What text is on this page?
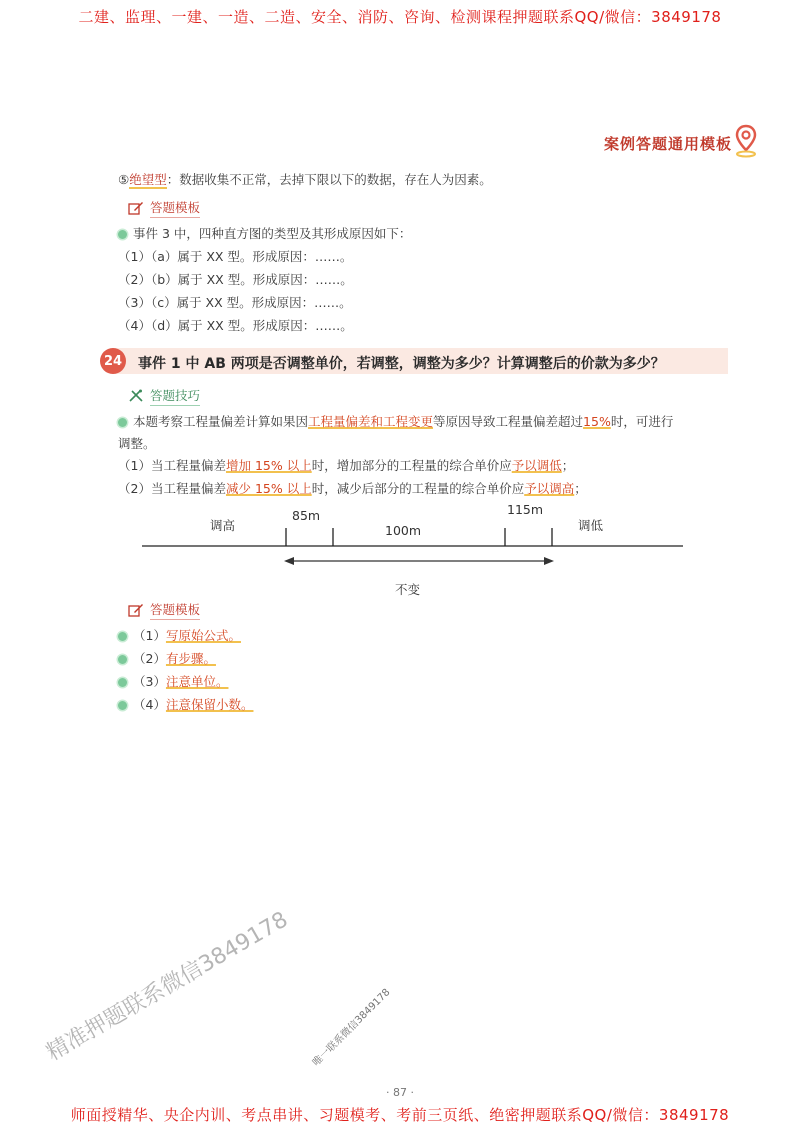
二建、监理、一建、一造、二造、安全、消防、咨询、检测课程押题联系QQ/微信：3849178
案例答题通用模板
⑤绝望型：数据收集不正常，去掉下限以下的数据，存在人为因素。
答题模板
事件 3 中，四种直方图的类型及其形成原因如下：
（1）（a）属于 XX 型。形成原因：……。
（2）（b）属于 XX 型。形成原因：……。
（3）（c）属于 XX 型。形成原因：……。
（4）（d）属于 XX 型。形成原因：……。
24 事件 1 中 AB 两项是否调整单价，若调整，调整为多少？计算调整后的价款为多少？
答题技巧
本题考察工程量偏差计算如果因工程量偏差和工程变更等原因导致工程量偏差超过15%时，可进行
调整。
（1）当工程量偏差增加 15% 以上时，增加部分的工程量的综合单价应予以调低；
（2）当工程量偏差减少 15% 以上时，减少后部分的工程量的综合单价应予以调高；
调高
85m
100m
115m
调低
不变
答题模板
（1）写原始公式。
（2）有步骤。
（3）注意单位。
（4）注意保留小数。
精准押题联系微信3849178 唯一联系微信3849178
· 87 ·
师面授精华、央企内训、考点串讲、习题模考、考前三页纸、绝密押题联系QQ/微信：3849178
